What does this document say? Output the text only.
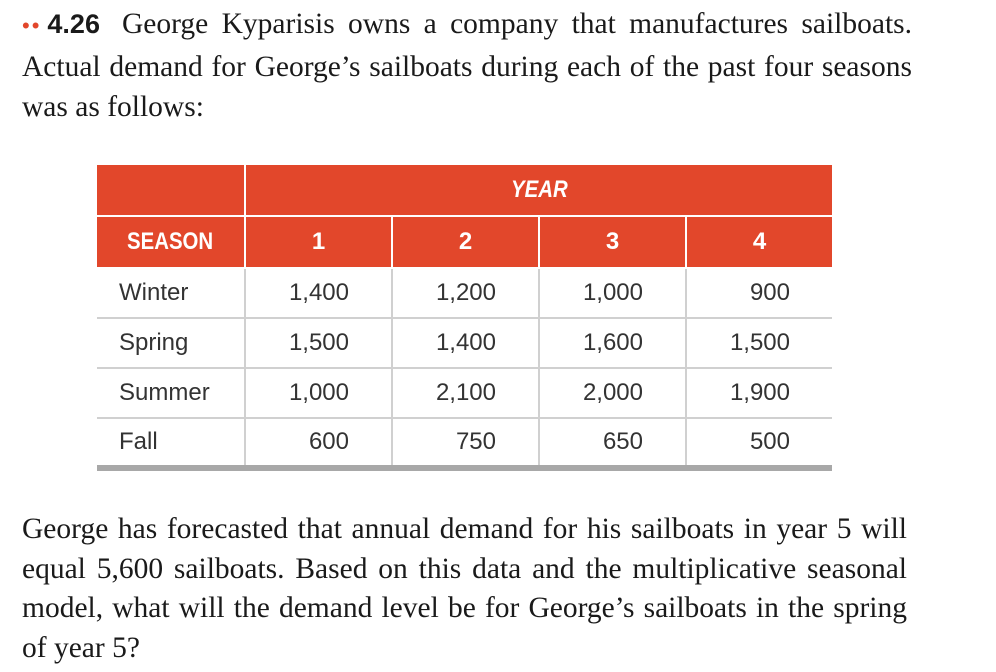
•• 4.26 George Kyparisis owns a company that manufactures sailboats. Actual demand for George’s sailboats during each of the past four seasons was as follows:

	YEAR			
SEASON	1	2	3	4
Winter	1,400	1,200	1,000	900
Spring	1,500	1,400	1,600	1,500
Summer	1,000	2,100	2,000	1,900
Fall	600	750	650	500

George has forecasted that annual demand for his sailboats in year 5 will equal 5,600 sailboats. Based on this data and the multiplicative seasonal model, what will the demand level be for George’s sailboats in the spring of year 5?
